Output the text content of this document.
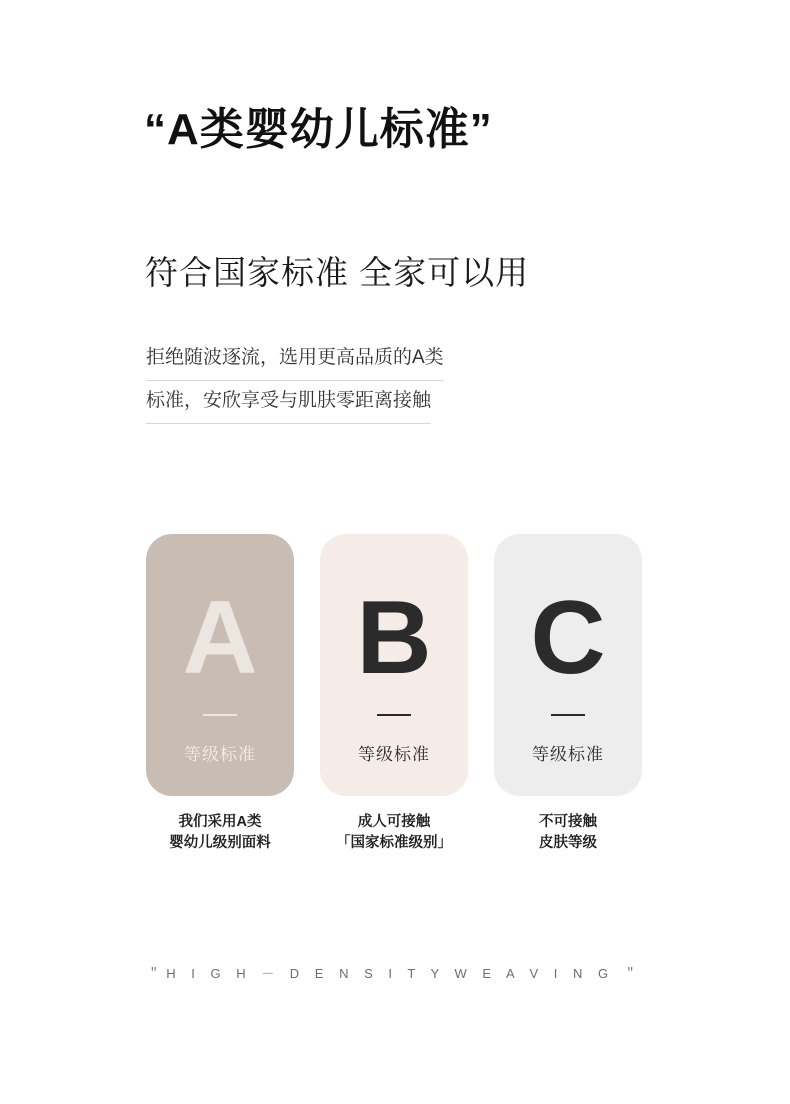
“A类婴幼儿标准”
符合国家标准 全家可以用
拒绝随波逐流，选用更高品质的A类
标准，安欣享受与肌肤零距离接触
A
等级标准
B
等级标准
C
等级标准
我们采用A类
婴幼儿级别面料
成人可接触
「国家标准级别」
不可接触
皮肤等级
＂H I G H － D E N S I T Y W E A V I N G ＂
